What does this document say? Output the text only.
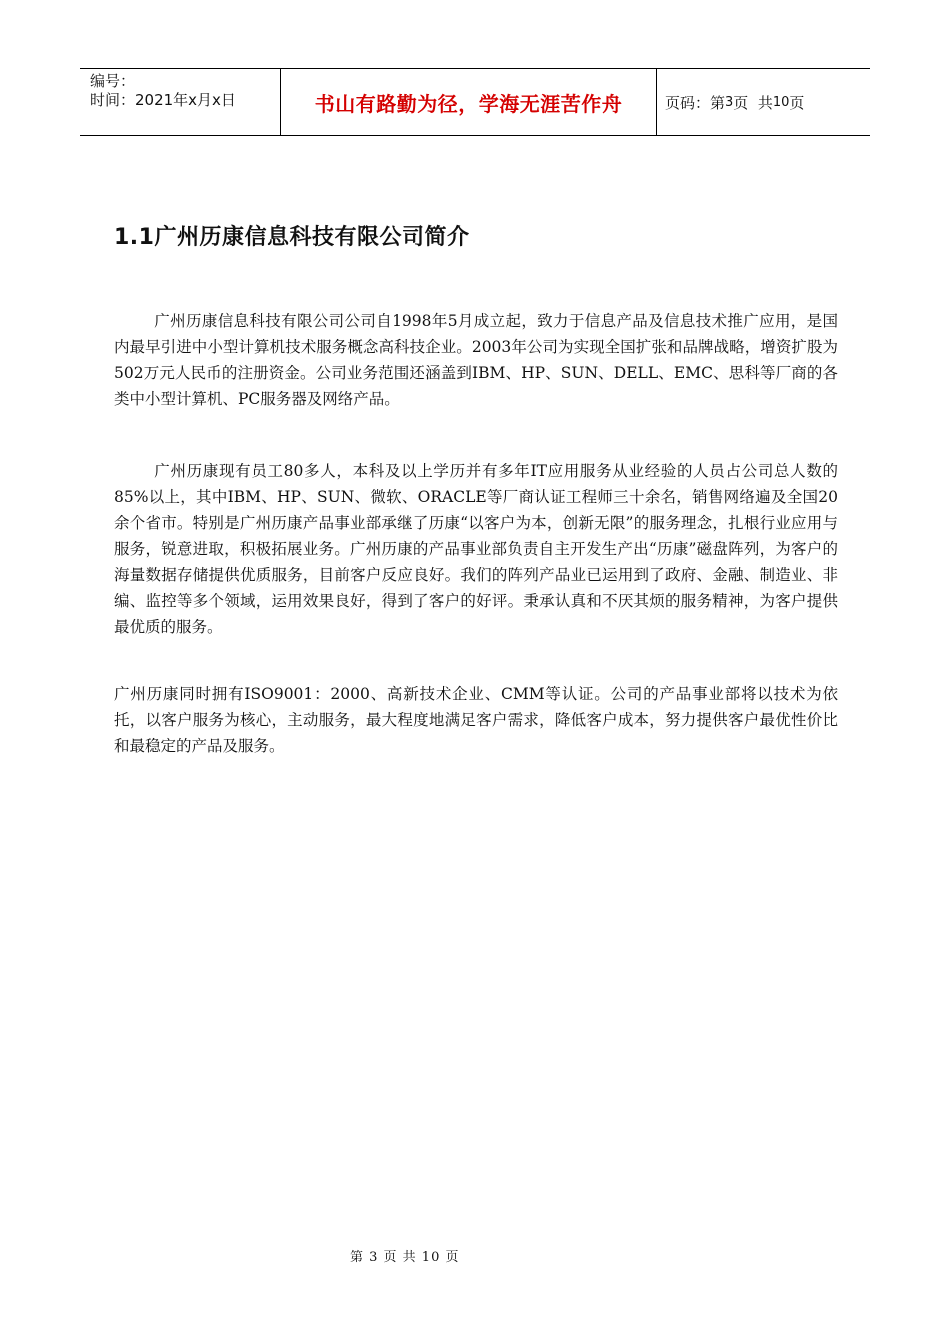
编号：
时间：2021年x月x日	书山有路勤为径，学海无涯苦作舟	页码：第 3 页  共 10 页
1.1广州历康信息科技有限公司简介

广州历康信息科技有限公司公司自1998年5月成立起，致力于信息产品及信息技术推广应用，是国内最早引进中小型计算机技术服务概念高科技企业。2003年公司为实现全国扩张和品牌战略，增资扩股为502万元人民币的注册资金。公司业务范围还涵盖到IBM、HP、SUN、DELL、EMC、思科等厂商的各类中小型计算机、PC服务器及网络产品。

广州历康现有员工80多人，本科及以上学历并有多年IT应用服务从业经验的人员占公司总人数的85%以上，其中IBM、HP、SUN、微软、ORACLE等厂商认证工程师三十余名，销售网络遍及全国20余个省市。特别是广州历康产品事业部承继了历康“以客户为本，创新无限”的服务理念，扎根行业应用与服务，锐意进取，积极拓展业务。广州历康的产品事业部负责自主开发生产出“历康”磁盘阵列，为客户的海量数据存储提供优质服务，目前客户反应良好。我们的阵列产品业已运用到了政府、金融、制造业、非编、监控等多个领域，运用效果良好，得到了客户的好评。秉承认真和不厌其烦的服务精神，为客户提供最优质的服务。

广州历康同时拥有ISO9001：2000、高新技术企业、CMM等认证。公司的产品事业部将以技术为依托，以客户服务为核心，主动服务，最大程度地满足客户需求，降低客户成本，努力提供客户最优性价比和最稳定的产品及服务。

第 3 页 共 10 页
